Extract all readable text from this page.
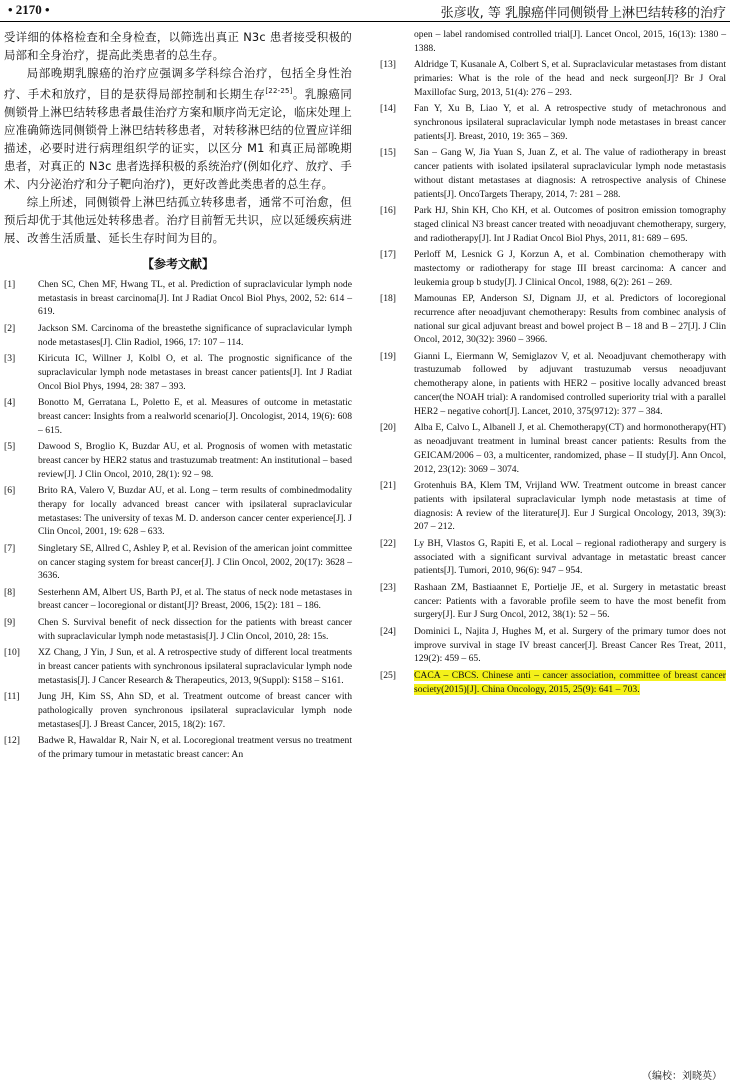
• 2170 •	张彦收, 等 乳腺癌伴同侧锁骨上淋巴结转移的治疗

受详细的体格检查和全身检查，以筛选出真正 N3c 患者接受积极的局部和全身治疗，提高此类患者的总生存。

局部晚期乳腺癌的治疗应强调多学科综合治疗，包括全身性治疗、手术和放疗，目的是获得局部控制和长期生存[22-25]。乳腺癌同侧锁骨上淋巴结转移患者最佳治疗方案和顺序尚无定论，临床处理上应准确筛选同侧锁骨上淋巴结转移患者，对转移淋巴结的位置应详细描述，必要时进行病理组织学的证实，以区分 M1 和真正局部晚期患者，对真正的 N3c 患者选择积极的系统治疗(例如化疗、放疗、手术、内分泌治疗和分子靶向治疗)，更好改善此类患者的总生存。

综上所述，同侧锁骨上淋巴结孤立转移患者，通常不可治愈，但预后却优于其他远处转移患者。治疗目前暂无共识，应以延缓疾病进展、改善生活质量、延长生存时间为目的。

【参考文献】

[1] Chen SC, Chen MF, Hwang TL, et al. Prediction of supraclavicular lymph node metastasis in breast carcinoma[J]. Int J Radiat Oncol Biol Phys, 2002, 52: 614 – 619.

[2] Jackson SM. Carcinoma of the breastethe significance of supraclavicular lymph node metastases[J]. Clin Radiol, 1966, 17: 107 – 114.

[3] Kiricuta IC, Willner J, Kolbl O, et al. The prognostic significance of the supraclavicular lymph node metastases in breast cancer patients[J]. Int J Radiat Oncol Biol Phys, 1994, 28: 387 – 393.

[4] Bonotto M, Gerratana L, Poletto E, et al. Measures of outcome in metastatic breast cancer: Insights from a realworld scenario[J]. Oncologist, 2014, 19(6): 608 – 615.

[5] Dawood S, Broglio K, Buzdar AU, et al. Prognosis of women with metastatic breast cancer by HER2 status and trastuzumab treatment: An institutional – based review[J]. J Clin Oncol, 2010, 28(1): 92 – 98.

[6] Brito RA, Valero V, Buzdar AU, et al. Long – term results of combinedmodality therapy for locally advanced breast cancer with ipsilateral supraclavicular metastases: The university of texas M. D. anderson cancer center experience[J]. J Clin Oncol, 2001, 19: 628 – 633.

[7] Singletary SE, Allred C, Ashley P, et al. Revision of the american joint committee on cancer staging system for breast cancer[J]. J Clin Oncol, 2002, 20(17): 3628 – 3636.

[8] Sesterhenn AM, Albert US, Barth PJ, et al. The status of neck node metastases in breast cancer – locoregional or distant[J]? Breast, 2006, 15(2): 181 – 186.

[9] Chen S. Survival benefit of neck dissection for the patients with breast cancer with supraclavicular lymph node metastasis[J]. J Clin Oncol, 2010, 28: 15s.

[10] XZ Chang, J Yin, J Sun, et al. A retrospective study of different local treatments in breast cancer patients with synchronous ipsilateral supraclavicular lymph node metastasis[J]. J Cancer Research & Therapeutics, 2013, 9(Suppl): S158 – S161.

[11] Jung JH, Kim SS, Ahn SD, et al. Treatment outcome of breast cancer with pathologically proven synchronous ipsilateral supraclavicular lymph node metastases[J]. J Breast Cancer, 2015, 18(2): 167.

[12] Badwe R, Hawaldar R, Nair N, et al. Locoregional treatment versus no treatment of the primary tumour in metastatic breast cancer: An

open – label randomised controlled trial[J]. Lancet Oncol, 2015, 16(13): 1380 – 1388.

[13] Aldridge T, Kusanale A, Colbert S, et al. Supraclavicular metastases from distant primaries: What is the role of the head and neck surgeon[J]? Br J Oral Maxillofac Surg, 2013, 51(4): 276 – 293.

[14] Fan Y, Xu B, Liao Y, et al. A retrospective study of metachronous and synchronous ipsilateral supraclavicular lymph node metastases in breast cancer patients[J]. Breast, 2010, 19: 365 – 369.

[15] San – Gang W, Jia Yuan S, Juan Z, et al. The value of radiotherapy in breast cancer patients with isolated ipsilateral supraclavicular lymph node metastasis without distant metastases at diagnosis: A retrospective analysis of Chinese patients[J]. OncoTargets Therapy, 2014, 7: 281 – 288.

[16] Park HJ, Shin KH, Cho KH, et al. Outcomes of positron emission tomography staged clinical N3 breast cancer treated with neoadjuvant chemotherapy, surgery, and radiotherapy[J]. Int J Radiat Oncol Biol Phys, 2011, 81: 689 – 695.

[17] Perloff M, Lesnick G J, Korzun A, et al. Combination chemotherapy with mastectomy or radiotherapy for stage III breast carcinoma: A cancer and leukemia group b study[J]. J Clinical Oncol, 1988, 6(2): 261 – 269.

[18] Mamounas EP, Anderson SJ, Dignam JJ, et al. Predictors of locoregional recurrence after neoadjuvant chemotherapy: Results from combinec analysis of national sur gical adjuvant breast and bowel project B – 18 and B – 27[J]. J Clin Oncol, 2012, 30(32): 3960 – 3966.

[19] Gianni L, Eiermann W, Semiglazov V, et al. Neoadjuvant chemotherapy with trastuzumab followed by adjuvant trastuzumab versus neoadjuvant chemotherapy alone, in patients with HER2 – positive locally advanced breast cancer(the NOAH trial): A randomised controlled superiority trial with a parallel HER2 – negative cohort[J]. Lancet, 2010, 375(9712): 377 – 384.

[20] Alba E, Calvo L, Albanell J, et al. Chemotherapy(CT) and hormonotherapy(HT) as neoadjuvant treatment in luminal breast cancer patients: Results from the GEICAM/2006 – 03, a multicenter, randomized, phase – II study[J]. Ann Oncol, 2012, 23(12): 3069 – 3074.

[21] Grotenhuis BA, Klem TM, Vrijland WW. Treatment outcome in breast cancer patients with ipsilateral supraclavicular lymph node metastasis at time of diagnosis: A review of the literature[J]. Eur J Surgical Oncology, 2013, 39(3): 207 – 212.

[22] Ly BH, Vlastos G, Rapiti E, et al. Local – regional radiotherapy and surgery is associated with a significant survival advantage in metastatic breast cancer patients[J]. Tumori, 2010, 96(6): 947 – 954.

[23] Rashaan ZM, Bastiaannet E, Portielje JE, et al. Surgery in metastatic breast cancer: Patients with a favorable profile seem to have the most benefit from surgery[J]. Eur J Surg Oncol, 2012, 38(1): 52 – 56.

[24] Dominici L, Najita J, Hughes M, et al. Surgery of the primary tumor does not improve survival in stage IV breast cancer[J]. Breast Cancer Res Treat, 2011, 129(2): 459 – 65.

[25] CACA – CBCS. Chinese anti – cancer association, committee of breast cancer society(2015)[J]. China Oncology, 2015, 25(9): 641 – 703.

（编校：刘晓英）
